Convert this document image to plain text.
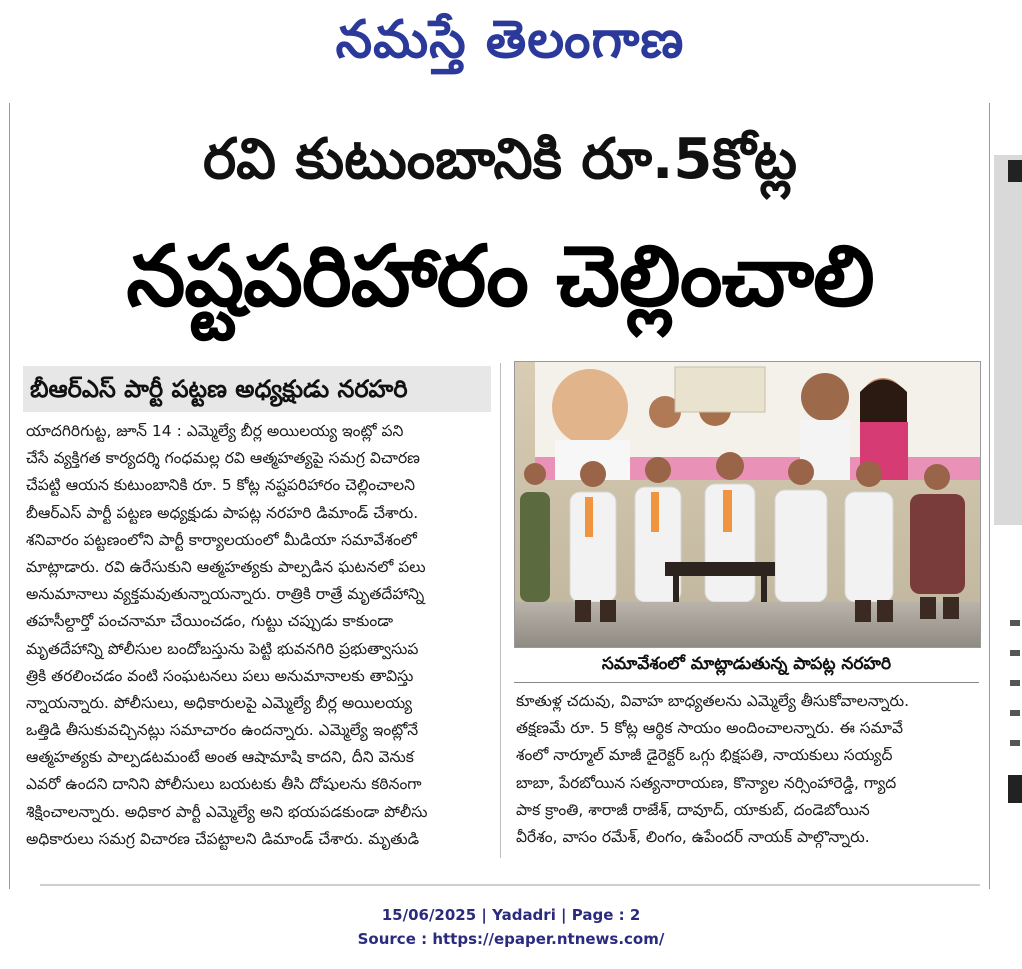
నమస్తే తెలంగాణ
రవి కుటుంబానికి రూ.5కోట్ల
నష్టపరిహారం చెల్లించాలి
బీఆర్ఎస్ పార్టీ పట్టణ అధ్యక్షుడు నరహరి
యాదగిరిగుట్ట, జూన్ 14 : ఎమ్మెల్యే బీర్ల అయిలయ్య ఇంట్లో పని
చేసే వ్యక్తిగత కార్యదర్శి గంధమల్ల రవి ఆత్మహత్యపై సమగ్ర విచారణ
చేపట్టి ఆయన కుటుంబానికి రూ. 5 కోట్ల నష్టపరిహారం చెల్లించాలని
బీఆర్ఎస్ పార్టీ పట్టణ అధ్యక్షుడు పాపట్ల నరహరి డిమాండ్ చేశారు.
శనివారం పట్టణంలోని పార్టీ కార్యాలయంలో మీడియా సమావేశంలో
మాట్లాడారు. రవి ఉరేసుకుని ఆత్మహత్యకు పాల్పడిన ఘటనలో పలు
అనుమానాలు వ్యక్తమవుతున్నాయన్నారు. రాత్రికి రాత్రే మృతదేహాన్ని
తహసీల్దార్తో పంచనామా చేయించడం, గుట్టు చప్పుడు కాకుండా
మృతదేహాన్ని పోలీసుల బందోబస్తును పెట్టి భువనగిరి ప్రభుత్వాసుప
త్రికి తరలించడం వంటి సంఘటనలు పలు అనుమానాలకు తావిస్తు
న్నాయన్నారు. పోలీసులు, అధికారులపై ఎమ్మెల్యే బీర్ల అయిలయ్య
ఒత్తిడి తీసుకువచ్చినట్లు సమాచారం ఉందన్నారు. ఎమ్మెల్యే ఇంట్లోనే
ఆత్మహత్యకు పాల్పడటమంటే అంత ఆషామాషి కాదని, దీని వెనుక
ఎవరో ఉందని దానిని పోలీసులు బయటకు తీసి దోషులను కఠినంగా
శిక్షించాలన్నారు. అధికార పార్టీ ఎమ్మెల్యే అని భయపడకుండా పోలీసు
అధికారులు సమగ్ర విచారణ చేపట్టాలని డిమాండ్ చేశారు. మృతుడి
సమావేశంలో మాట్లాడుతున్న పాపట్ల నరహరి
కూతుళ్ల చదువు, వివాహ బాధ్యతలను ఎమ్మెల్యే తీసుకోవాలన్నారు.
తక్షణమే రూ. 5 కోట్ల ఆర్థిక సాయం అందించాలన్నారు. ఈ సమావే
శంలో నార్మూల్ మాజీ డైరెక్టర్ ఒగ్గు భిక్షపతి, నాయకులు సయ్యద్
బాబా, పేరబోయిన సత్యనారాయణ, కొన్యాల నర్సింహారెడ్డి, గ్యాద
పాక క్రాంతి, శారాజీ రాజేశ్, దావూద్, యాకుబ్, దండెబోయిన
వీరేశం, వాసం రమేశ్, లింగం, ఉపేందర్ నాయక్ పాల్గొన్నారు.
15/06/2025 | Yadadri | Page : 2
Source : https://epaper.ntnews.com/
